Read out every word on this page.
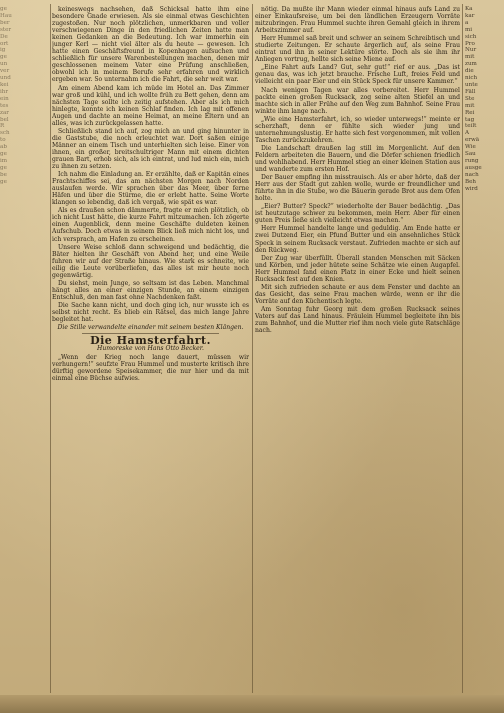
ge
Hau
ber
ster
De
ort
ig
ge
un
ver
und
kei
ihr
ein
tes
zar
bel
R
sch
to
ab
ge
im
ge
be
ge

keineswegs nachsehen, daß Schicksal hatte ihm eine besondere Gnade erwiesen. Als sie einmal etwas Geschichten zugestoßen. Nur noch plötzlichen, unmerkbaren und voller verschwiegenen Dinge in den friedlichen Zeiten hatte man keinen Gedanken an die Bedeutung. Ich war immerhin ein junger Kerl — nicht viel älter als du heute — gewesen. Ich hatte einen Geschäftsfreund in Kopenhagen aufsuchen und schließlich für unsere Warenbestellungen machen, denen mir geschlossenen meinem Vater eine Prüfung anschließen, obwohl ich in meinem Berufe sehr erfahren und wirklich ergeben war. So unternahm ich die Fahrt, die sehr weit war.

Am einem Abend kam ich müde im Hotel an. Das Zimmer war groß und kühl, und ich wollte früh zu Bett gehen, denn am nächsten Tage sollte ich zeitig aufstehen. Aber als ich mich hinlegte, konnte ich keinen Schlaf finden. Ich lag mit offenen Augen und dachte an meine Heimat, an meine Eltern und an alles, was ich zurückgelassen hatte.

Schließlich stand ich auf, zog mich an und ging hinunter in die Gaststube, die noch erleuchtet war. Dort saßen einige Männer an einem Tisch und unterhielten sich leise. Einer von ihnen, ein großer, breitschultriger Mann mit einem dichten grauen Bart, erhob sich, als ich eintrat, und lud mich ein, mich zu ihnen zu setzen.

Ich nahm die Einladung an. Er erzählte, daß er Kapitän eines Frachtschiffes sei, das am nächsten Morgen nach Norden auslaufen werde. Wir sprachen über das Meer, über ferne Häfen und über die Stürme, die er erlebt hatte. Seine Worte klangen so lebendig, daß ich vergaß, wie spät es war.

Als es draußen schon dämmerte, fragte er mich plötzlich, ob ich nicht Lust hätte, die kurze Fahrt mitzumachen. Ich zögerte einen Augenblick, denn meine Geschäfte duldeten keinen Aufschub. Doch etwas in seinem Blick ließ mich nicht los, und ich versprach, am Hafen zu erscheinen.

Unsere Weise schloß dann schweigend und bedächtig, die Bäter hielten ihr Geschäft von Abend her, und eine Weile fuhren wir auf der Straße hinaus. Wie stark es schneite, wie eilig die Leute vorüberliefen, das alles ist mir heute noch gegenwärtig.

Du siehst, mein Junge, so seltsam ist das Leben. Manchmal hängt alles an einer einzigen Stunde, an einem einzigen Entschluß, den man fast ohne Nachdenken faßt.

Die Sache kann nicht, und doch ging ich, nur wusste ich es selbst nicht recht. Es blieb ein Rätsel, das mich lange Jahre begleitet hat.

Die Stille verwandelte einander mit seinem besten Klängen.

Die Hamsterfahrt.
Humoreske von Hans Otto Becker.

„Wenn der Krieg noch lange dauert, müssen wir verhungern!“ seufzte Frau Hummel und musterte kritisch ihre dürftig gewordene Speisekammer, die nur hier und da mit einmal eine Büchse aufwies.

nötig. Da mußte ihr Mann wieder einmal hinaus aufs Land zu einer Einkaufsreise, um bei den ländlichen Erzeugern Vorräte mitzubringen. Frau Hummel suchte ihren Gemahl gleich in ihrem Arbeitszimmer auf.

Herr Hummel saß breit und schwer an seinem Schreibtisch und studierte Zeitungen. Er schaute ärgerlich auf, als seine Frau eintrat und ihn in seiner Lektüre störte. Doch als sie ihm ihr Anliegen vortrug, hellte sich seine Miene auf.

„Eine Fahrt aufs Land? Gut, sehr gut!“ rief er aus. „Das ist genau das, was ich jetzt brauche. Frische Luft, freies Feld und vielleicht ein paar Eier und ein Stück Speck für unsere Kammer.“

Nach wenigen Tagen war alles vorbereitet. Herr Hummel packte einen großen Rucksack, zog seine alten Stiefel an und machte sich in aller Frühe auf den Weg zum Bahnhof. Seine Frau winkte ihm lange nach.

„Wie eine Hamsterfahrt, ich, so wieder unterwegs!“ meinte er scherzhaft, denn er fühlte sich wieder jung und unternehmungslustig. Er hatte sich fest vorgenommen, mit vollen Taschen zurückzukehren.

Die Landschaft draußen lag still im Morgenlicht. Auf den Feldern arbeiteten die Bauern, und die Dörfer schienen friedlich und wohlhabend. Herr Hummel stieg an einer kleinen Station aus und wanderte zum ersten Hof.

Der Bauer empfing ihn misstrauisch. Als er aber hörte, daß der Herr aus der Stadt gut zahlen wolle, wurde er freundlicher und führte ihn in die Stube, wo die Bäuerin gerade Brot aus dem Ofen holte.

„Eier? Butter? Speck?“ wiederholte der Bauer bedächtig. „Das ist heutzutage schwer zu bekommen, mein Herr. Aber für einen guten Preis ließe sich vielleicht etwas machen.“

Herr Hummel handelte lange und geduldig. Am Ende hatte er zwei Dutzend Eier, ein Pfund Butter und ein ansehnliches Stück Speck in seinem Rucksack verstaut. Zufrieden machte er sich auf den Rückweg.

Der Zug war überfüllt. Überall standen Menschen mit Säcken und Körben, und jeder hütete seine Schätze wie einen Augapfel. Herr Hummel fand einen Platz in einer Ecke und hielt seinen Rucksack fest auf den Knien.

Mit sich zufrieden schaute er aus dem Fenster und dachte an das Gesicht, das seine Frau machen würde, wenn er ihr die Vorräte auf den Küchentisch legte.

Am Sonntag fuhr Georg mit dem großen Rucksack seines Vaters auf das Land hinaus. Fräulein Hummel begleitete ihn bis zum Bahnhof, und die Mutter rief ihm noch viele gute Ratschläge nach.

Ka
kar
a
mi
sich
Pro
Nur
mit
zum
die
nich
unte
Fäll
Ste
mit
Rei
tag
teilt
A
erwä
Wie
Sau
rung
ausge
nach
Beh
wird
